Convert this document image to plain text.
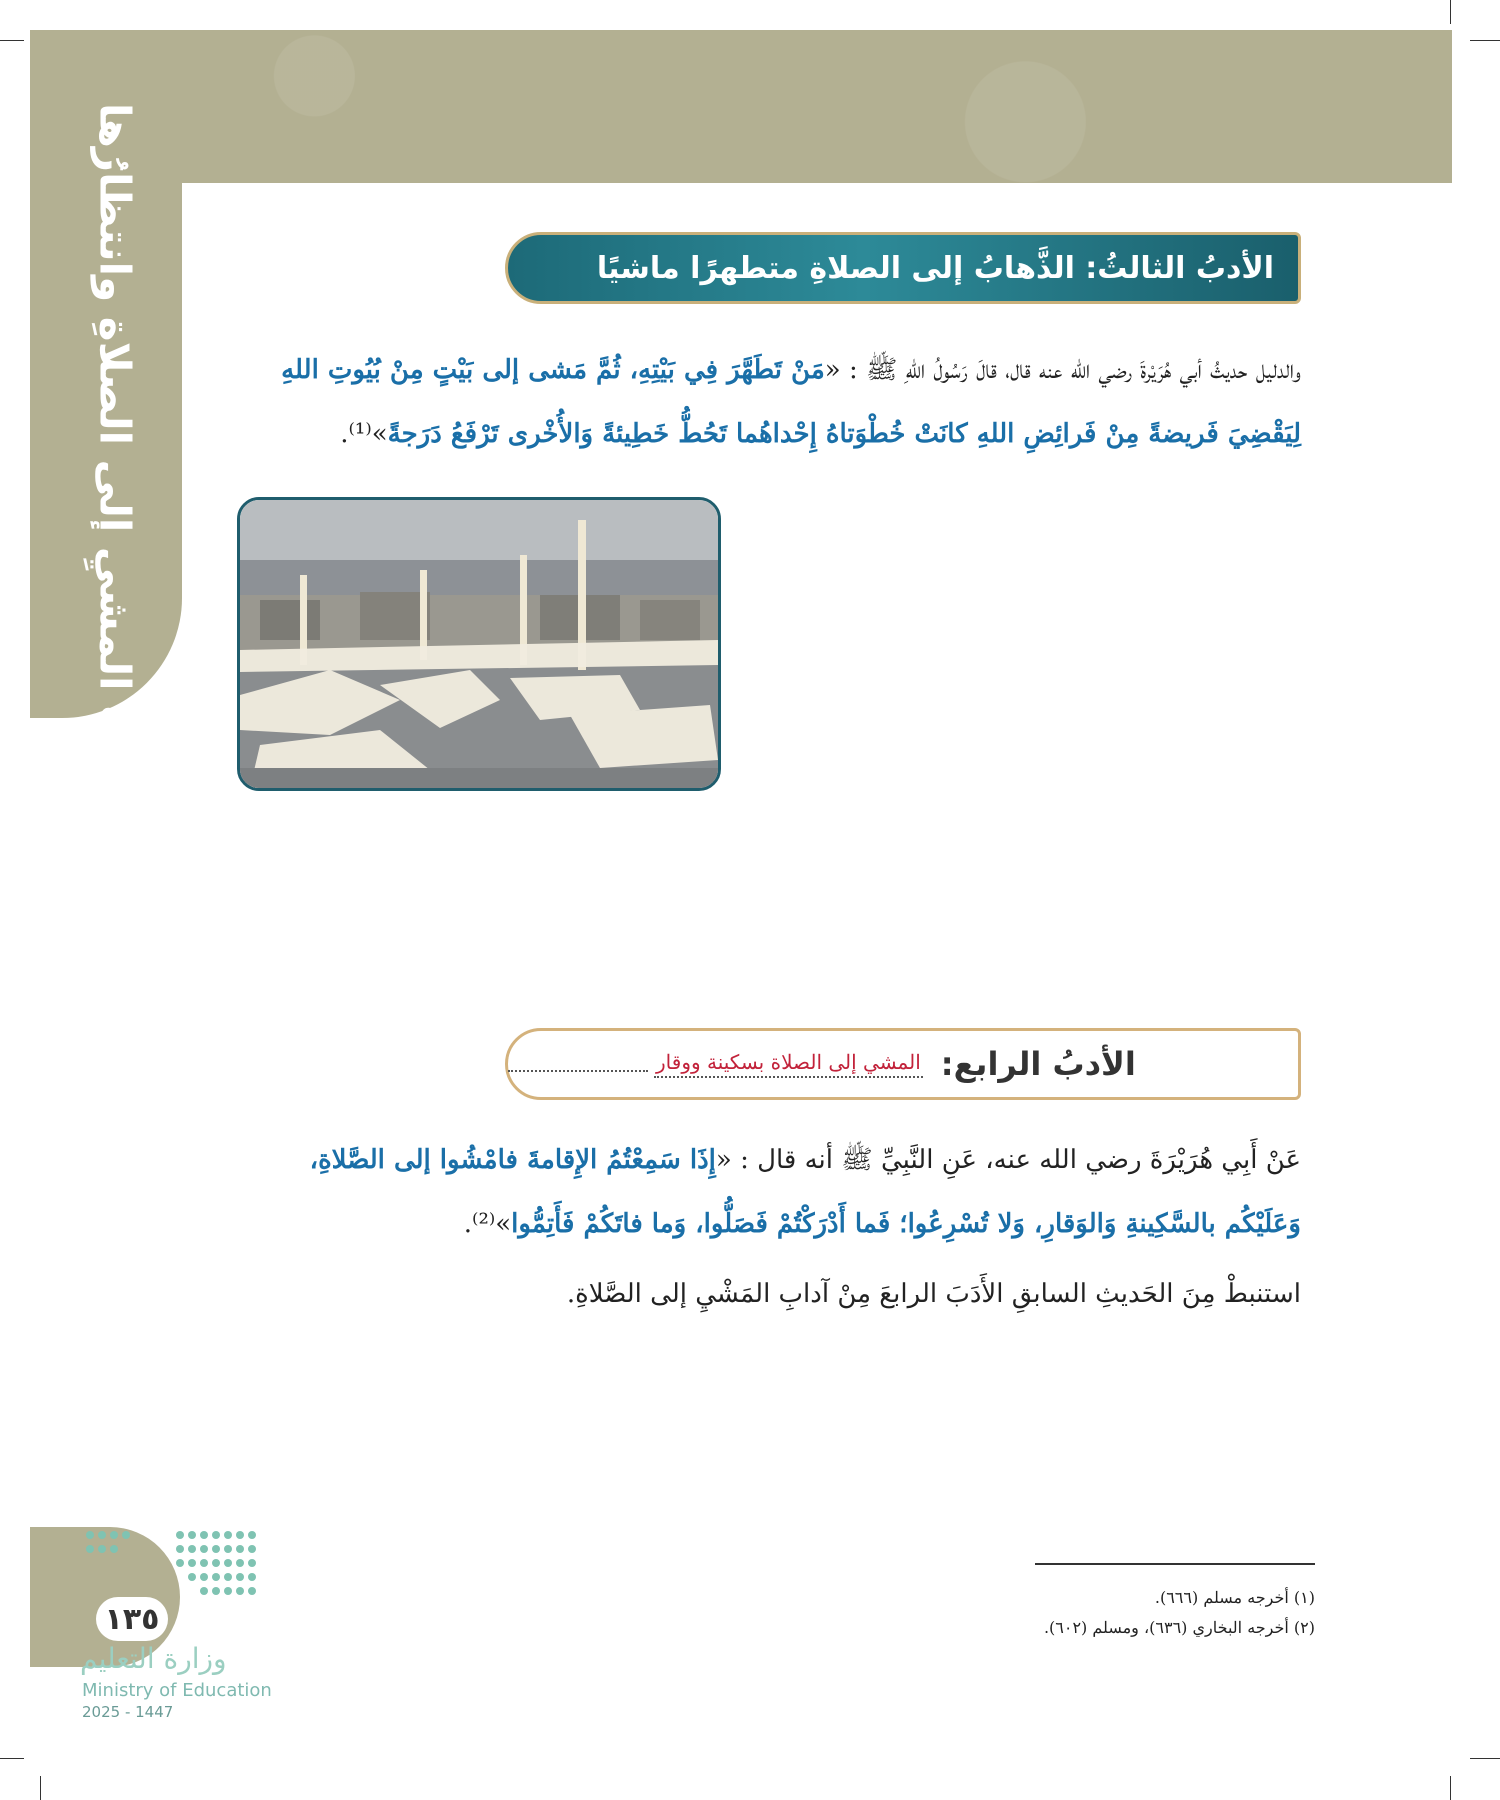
آدابُ المشيِ إلى الصلاةِ وانتظارُها	الأدبُ الثالثُ: الذَّهابُ إلى الصلاةِ متطهرًا ماشيًا
والدليل حديثُ أبي هُرَيْرةَ رضي الله عنه قال، قالَ رَسُولُ اللهِ ﷺ : «مَنْ تَطَهَّرَ فِي بَيْتِهِ، ثُمَّ مَشى إلى بَيْتٍ مِنْ بُيُوتِ اللهِ لِيَقْضِيَ فَريضةً مِنْ فَرائِضِ اللهِ كانَتْ خُطْوَتاهُ إِحْداهُما تَحُطُّ خَطِيئةً وَالأُخْرى تَرْفَعُ دَرَجةً»⁽¹⁾.
الأدبُ الرابع:
المشي إلى الصلاة بسكينة ووقار
عَنْ أَبِي هُرَيْرَةَ رضي الله عنه، عَنِ النَّبِيِّ ﷺ أنه قال : «إِذَا سَمِعْتُمُ الإِقامةَ فامْشُوا إلى الصَّلاةِ، وَعَلَيْكُم بالسَّكِينةِ وَالوَقارِ، وَلا تُسْرِعُوا؛ فَما أَدْرَكْتُمْ فَصَلُّوا، وَما فاتَكُمْ فَأَتِمُّوا»⁽²⁾.
استنبطْ مِنَ الحَديثِ السابقِ الأَدَبَ الرابعَ مِنْ آدابِ المَشْيِ إلى الصَّلاةِ.
(١) أخرجه مسلم (٦٦٦).
(٢) أخرجه البخاري (٦٣٦)، ومسلم (٦٠٢).
١٣٥
وزارة التعليم
Ministry of Education
2025 - 1447
